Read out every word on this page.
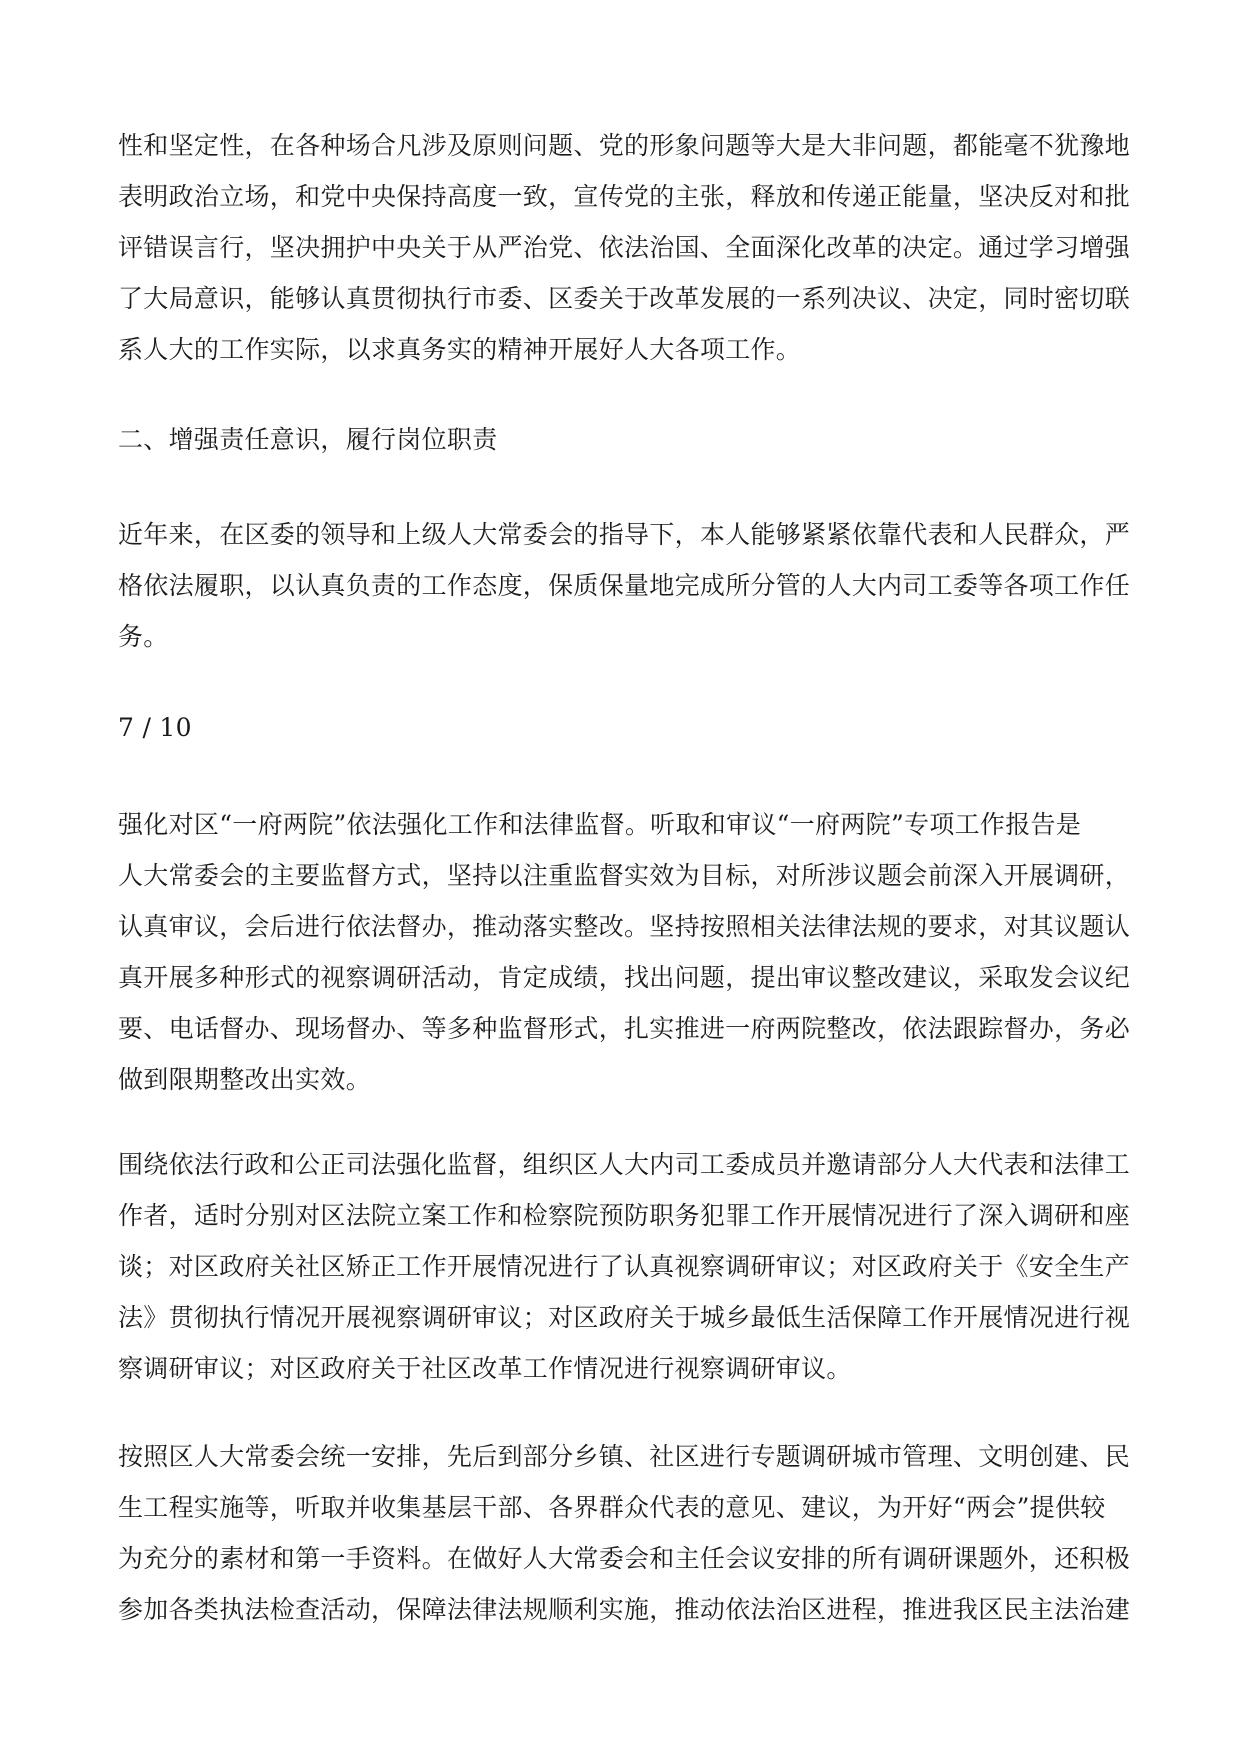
性和坚定性，在各种场合凡涉及原则问题、党的形象问题等大是大非问题，都能毫不犹豫地
表明政治立场，和党中央保持高度一致，宣传党的主张，释放和传递正能量，坚决反对和批
评错误言行，坚决拥护中央关于从严治党、依法治国、全面深化改革的决定。通过学习增强
了大局意识，能够认真贯彻执行市委、区委关于改革发展的一系列决议、决定，同时密切联
系人大的工作实际，以求真务实的精神开展好人大各项工作。
二、增强责任意识，履行岗位职责
近年来，在区委的领导和上级人大常委会的指导下，本人能够紧紧依靠代表和人民群众，严
格依法履职，以认真负责的工作态度，保质保量地完成所分管的人大内司工委等各项工作任
务。
7 / 10
强化对区“一府两院”依法强化工作和法律监督。听取和审议“一府两院”专项工作报告是
人大常委会的主要监督方式，坚持以注重监督实效为目标，对所涉议题会前深入开展调研，
认真审议，会后进行依法督办，推动落实整改。坚持按照相关法律法规的要求，对其议题认
真开展多种形式的视察调研活动，肯定成绩，找出问题，提出审议整改建议，采取发会议纪
要、电话督办、现场督办、等多种监督形式，扎实推进一府两院整改，依法跟踪督办，务必
做到限期整改出实效。
围绕依法行政和公正司法强化监督，组织区人大内司工委成员并邀请部分人大代表和法律工
作者，适时分别对区法院立案工作和检察院预防职务犯罪工作开展情况进行了深入调研和座
谈；对区政府关社区矫正工作开展情况进行了认真视察调研审议；对区政府关于《安全生产
法》贯彻执行情况开展视察调研审议；对区政府关于城乡最低生活保障工作开展情况进行视
察调研审议；对区政府关于社区改革工作情况进行视察调研审议。
按照区人大常委会统一安排，先后到部分乡镇、社区进行专题调研城市管理、文明创建、民
生工程实施等，听取并收集基层干部、各界群众代表的意见、建议，为开好“两会”提供较
为充分的素材和第一手资料。在做好人大常委会和主任会议安排的所有调研课题外，还积极
参加各类执法检查活动，保障法律法规顺利实施，推动依法治区进程，推进我区民主法治建
